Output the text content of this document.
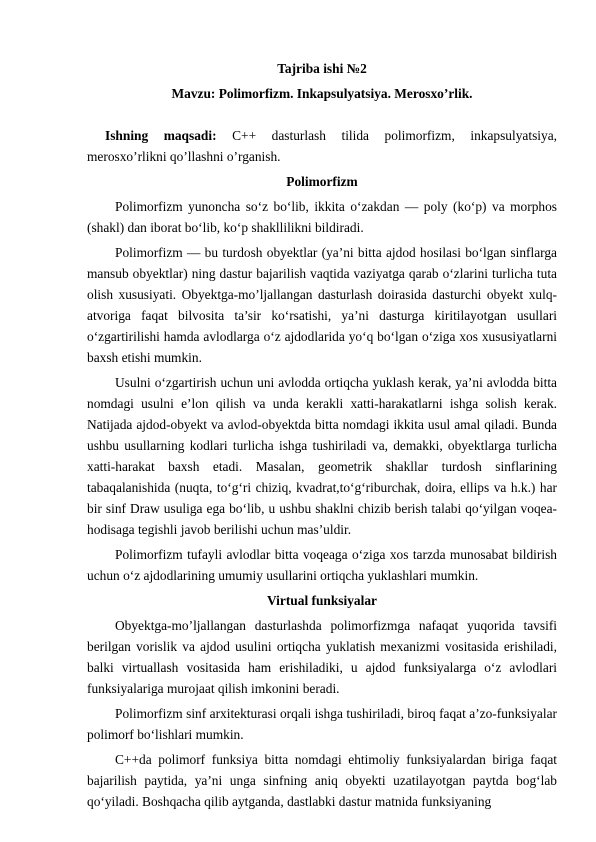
Tajriba ishi №2
Mavzu: Polimorfizm. Inkapsulyatsiya. Merosxo’rlik.

Ishning maqsadi: C++ dasturlash tilida polimorfizm, inkapsulyatsiya, merosxo’rlikni qo’llashni o’rganish.

Polimorfizm

Polimorfizm yunoncha so‘z bo‘lib, ikkita o‘zakdan — poly (ko‘p) va morphos (shakl) dan iborat bo‘lib, ko‘p shakllilikni bildiradi.

Polimorfizm — bu turdosh obyektlar (ya’ni bitta ajdod hosilasi bo‘lgan sinflarga mansub obyektlar) ning dastur bajarilish vaqtida vaziyatga qarab o‘zlarini turlicha tuta olish xususiyati. Obyektga-mo’ljallangan dasturlash doirasida dasturchi obyekt xulq-atvoriga faqat bilvosita ta’sir ko‘rsatishi, ya’ni dasturga kiritilayotgan usullari o‘zgartirilishi hamda avlodlarga o‘z ajdodlarida yo‘q bo‘lgan o‘ziga xos xususiyatlarni baxsh etishi mumkin.

Usulni o‘zgartirish uchun uni avlodda ortiqcha yuklash kerak, ya’ni avlodda bitta nomdagi usulni e’lon qilish va unda kerakli xatti-harakatlarni ishga solish kerak. Natijada ajdod-obyekt va avlod-obyektda bitta nomdagi ikkita usul amal qiladi. Bunda ushbu usullarning kodlari turlicha ishga tushiriladi va, demakki, obyektlarga turlicha xatti-harakat baxsh etadi. Masalan, geometrik shakllar turdosh sinflarining tabaqalanishida (nuqta, to‘g‘ri chiziq, kvadrat,to‘g‘riburchak, doira, ellips va h.k.) har bir sinf Draw usuliga ega bo‘lib, u ushbu shaklni chizib berish talabi qo‘yilgan voqea-hodisaga tegishli javob berilishi uchun mas’uldir.

Polimorfizm tufayli avlodlar bitta voqeaga o‘ziga xos tarzda munosabat bildirish uchun o‘z ajdodlarining umumiy usullarini ortiqcha yuklashlari mumkin.

Virtual funksiyalar

Obyektga-mo’ljallangan dasturlashda polimorfizmga nafaqat yuqorida tavsifi berilgan vorislik va ajdod usulini ortiqcha yuklatish mexanizmi vositasida erishiladi, balki virtuallash vositasida ham erishiladiki, u ajdod funksiyalarga o‘z avlodlari funksiyalariga murojaat qilish imkonini beradi.

Polimorfizm sinf arxitekturasi orqali ishga tushiriladi, biroq faqat a’zo-funksiyalar polimorf bo‘lishlari mumkin.

C++da polimorf funksiya bitta nomdagi ehtimoliy funksiyalardan biriga faqat bajarilish paytida, ya’ni unga sinfning aniq obyekti uzatilayotgan paytda bog‘lab qo‘yiladi. Boshqacha qilib aytganda, dastlabki dastur matnida funksiyaning
